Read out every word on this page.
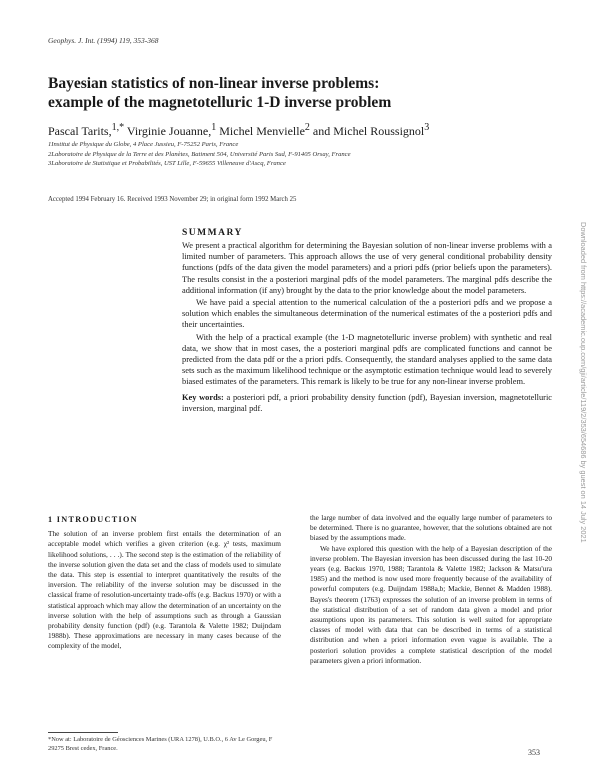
Geophys. J. Int. (1994) 119, 353-368
Bayesian statistics of non-linear inverse problems:
example of the magnetotelluric 1-D inverse problem
Pascal Tarits,$^{1,*}$ Virginie Jouanne,$^1$ Michel Menvielle$^2$ and Michel Roussignol$^3$
1Institut de Physique du Globe, 4 Place Jussieu, F-75252 Paris, France
2Laboratoire de Physique de la Terre et des Planètes, Batiment 504, Université Paris Sud, F-91405 Orsay, France
3Laboratoire de Statistique et Probabilités, UST Lille, F-59655 Villeneuve d'Ascq, France
Accepted 1994 February 16. Received 1993 November 29; in original form 1992 March 25
SUMMARY

We present a practical algorithm for determining the Bayesian solution of non-linear inverse problems with a limited number of parameters. This approach allows the use of very general conditional probability density functions (pdfs of the data given the model parameters) and a priori pdfs (prior beliefs upon the parameters). The results consist in the a posteriori marginal pdfs of the model parameters. The marginal pdfs describe the additional information (if any) brought by the data to the prior knowledge about the model parameters.

We have paid a special attention to the numerical calculation of the a posteriori pdfs and we propose a solution which enables the simultaneous determination of the numerical estimates of the a posteriori pdfs and their uncertainties.

With the help of a practical example (the 1-D magnetotelluric inverse problem) with synthetic and real data, we show that in most cases, the a posteriori marginal pdfs are complicated functions and cannot be predicted from the data pdf or the a priori pdfs. Consequently, the standard analyses applied to the same data sets such as the maximum likelihood technique or the asymptotic estimation technique would lead to severely biased estimates of the parameters. This remark is likely to be true for any non-linear inverse problem.

Key words: a posteriori pdf, a priori probability density function (pdf), Bayesian inversion, magnetotelluric inversion, marginal pdf.
1 INTRODUCTION

The solution of an inverse problem first entails the determination of an acceptable model which verifies a given criterion (e.g. χ² tests, maximum likelihood solutions, . . .). The second step is the estimation of the reliability of the inverse solution given the data set and the class of models used to simulate the data. This step is essential to interpret quantitatively the results of the inversion. The reliability of the inverse solution may be discussed in the classical frame of resolution-uncertainty trade-offs (e.g. Backus 1970) or with a statistical approach which may allow the determination of an uncertainty on the inverse solution with the help of assumptions such as through a Gaussian probability density function (pdf) (e.g. Tarantola & Valette 1982; Duijndam 1988b). These approximations are necessary in many cases because of the complexity of the model,

the large number of data involved and the equally large number of parameters to be determined. There is no guarantee, however, that the solutions obtained are not biased by the assumptions made.

We have explored this question with the help of a Bayesian description of the inverse problem. The Bayesian inversion has been discussed during the last 10-20 years (e.g. Backus 1970, 1988; Tarantola & Valette 1982; Jackson & Matsu'ura 1985) and the method is now used more frequently because of the availability of powerful computers (e.g. Duijndam 1988a,b; Mackie, Bennet & Madden 1988). Bayes's theorem (1763) expresses the solution of an inverse problem in terms of the statistical distribution of a set of random data given a model and prior assumptions upon its parameters. This solution is well suited for appropriate classes of model with data that can be described in terms of a statistical distribution and when a priori information even vague is available. The a posteriori solution provides a complete statistical description of the model parameters given a priori information.

*Now at: Laboratoire de Géosciences Marines (URA 1278), U.B.O., 6 Av Le Gorgeu, F 29275 Brest cedex, France.	353
Downloaded from https://academic.oup.com/gji/article/119/2/353/654686 by guest on 14 July 2021
